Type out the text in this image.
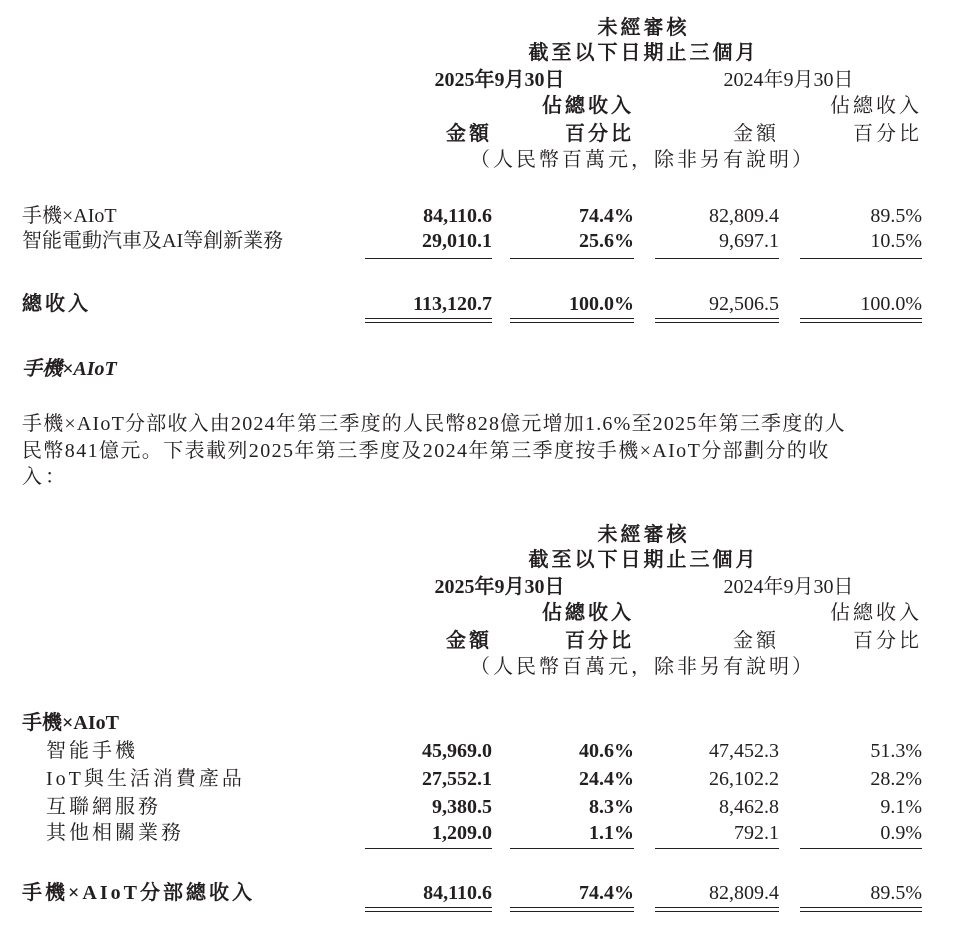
未經審核
截至以下日期止三個月
2025年9月30日	2024年9月30日
佔總收入	佔總收入
金額	百分比	金額	百分比
（人民幣百萬元，除非另有說明）
手機×AIoT	84,110.6	74.4%	82,809.4	89.5%
智能電動汽車及AI等創新業務	29,010.1	25.6%	9,697.1	10.5%
總收入	113,120.7	100.0%	92,506.5	100.0%
手機×AIoT
手機×AIoT分部收入由2024年第三季度的人民幣828億元增加1.6%至2025年第三季度的人
民幣841億元。下表載列2025年第三季度及2024年第三季度按手機×AIoT分部劃分的收
入：
未經審核
截至以下日期止三個月
2025年9月30日	2024年9月30日
佔總收入	佔總收入
金額	百分比	金額	百分比
（人民幣百萬元，除非另有說明）
手機×AIoT
智能手機	45,969.0	40.6%	47,452.3	51.3%
IoT與生活消費產品	27,552.1	24.4%	26,102.2	28.2%
互聯網服務	9,380.5	8.3%	8,462.8	9.1%
其他相關業務	1,209.0	1.1%	792.1	0.9%
手機×AIoT分部總收入	84,110.6	74.4%	82,809.4	89.5%
